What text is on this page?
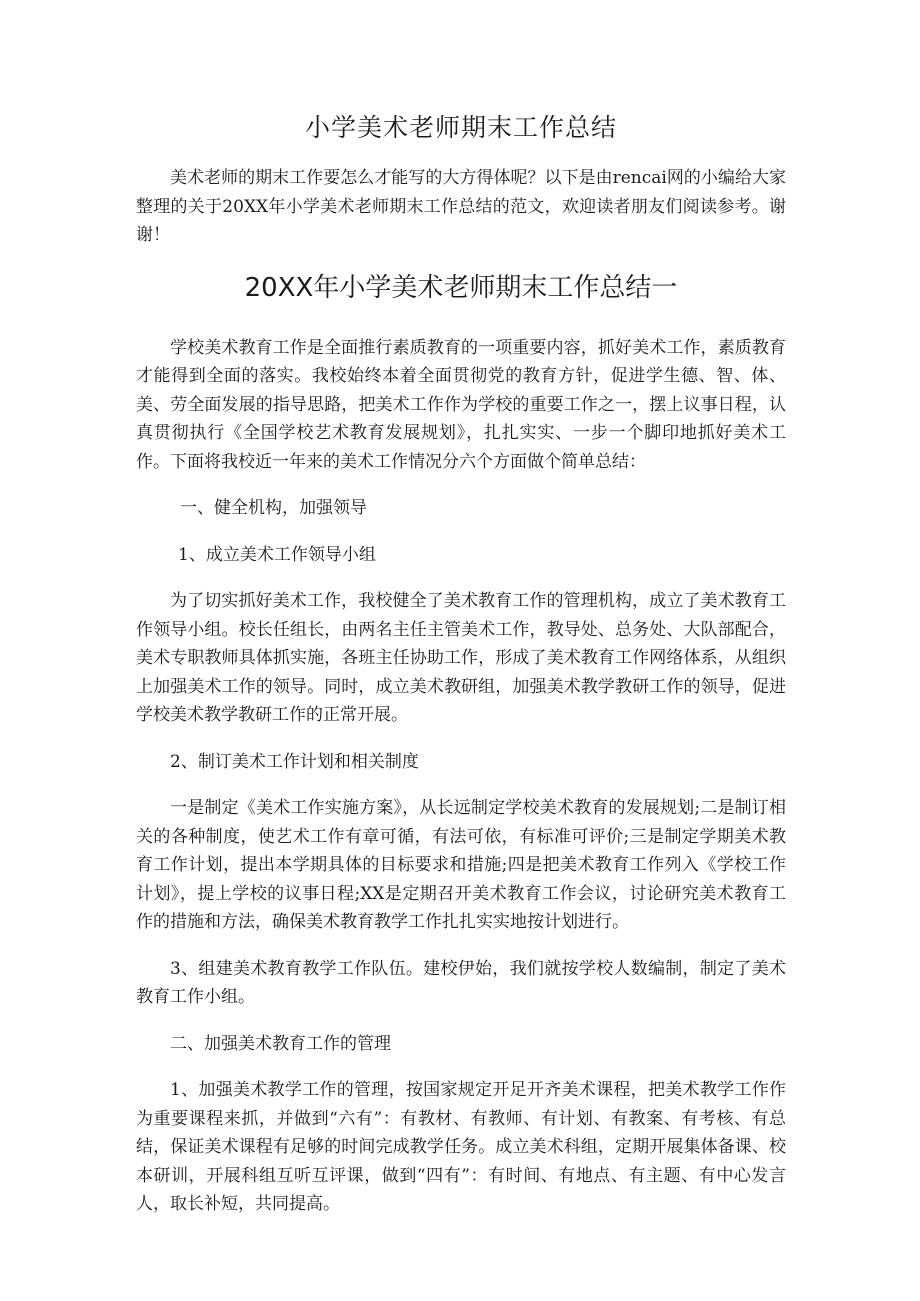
小学美术老师期末工作总结

美术老师的期末工作要怎么才能写的大方得体呢？以下是由rencai网的小编给大家整理的关于20XX年小学美术老师期末工作总结的范文，欢迎读者朋友们阅读参考。谢谢！

20XX年小学美术老师期末工作总结一

学校美术教育工作是全面推行素质教育的一项重要内容，抓好美术工作，素质教育才能得到全面的落实。我校始终本着全面贯彻党的教育方针，促进学生德、智、体、美、劳全面发展的指导思路，把美术工作作为学校的重要工作之一，摆上议事日程，认真贯彻执行《全国学校艺术教育发展规划》，扎扎实实、一步一个脚印地抓好美术工作。下面将我校近一年来的美术工作情况分六个方面做个简单总结：

一、健全机构，加强领导

1、成立美术工作领导小组

为了切实抓好美术工作，我校健全了美术教育工作的管理机构，成立了美术教育工作领导小组。校长任组长，由两名主任主管美术工作，教导处、总务处、大队部配合，美术专职教师具体抓实施，各班主任协助工作，形成了美术教育工作网络体系，从组织上加强美术工作的领导。同时，成立美术教研组，加强美术教学教研工作的领导，促进学校美术教学教研工作的正常开展。

2、制订美术工作计划和相关制度

一是制定《美术工作实施方案》，从长远制定学校美术教育的发展规划;二是制订相关的各种制度，使艺术工作有章可循，有法可依，有标准可评价;三是制定学期美术教育工作计划，提出本学期具体的目标要求和措施;四是把美术教育工作列入《学校工作计划》，提上学校的议事日程;XX是定期召开美术教育工作会议，讨论研究美术教育工作的措施和方法，确保美术教育教学工作扎扎实实地按计划进行。

3、组建美术教育教学工作队伍。建校伊始，我们就按学校人数编制，制定了美术教育工作小组。

二、加强美术教育工作的管理

1、加强美术教学工作的管理，按国家规定开足开齐美术课程，把美术教学工作作为重要课程来抓，并做到“六有”：有教材、有教师、有计划、有教案、有考核、有总结，保证美术课程有足够的时间完成教学任务。成立美术科组，定期开展集体备课、校本研训，开展科组互听互评课，做到“四有”：有时间、有地点、有主题、有中心发言人，取长补短，共同提高。
